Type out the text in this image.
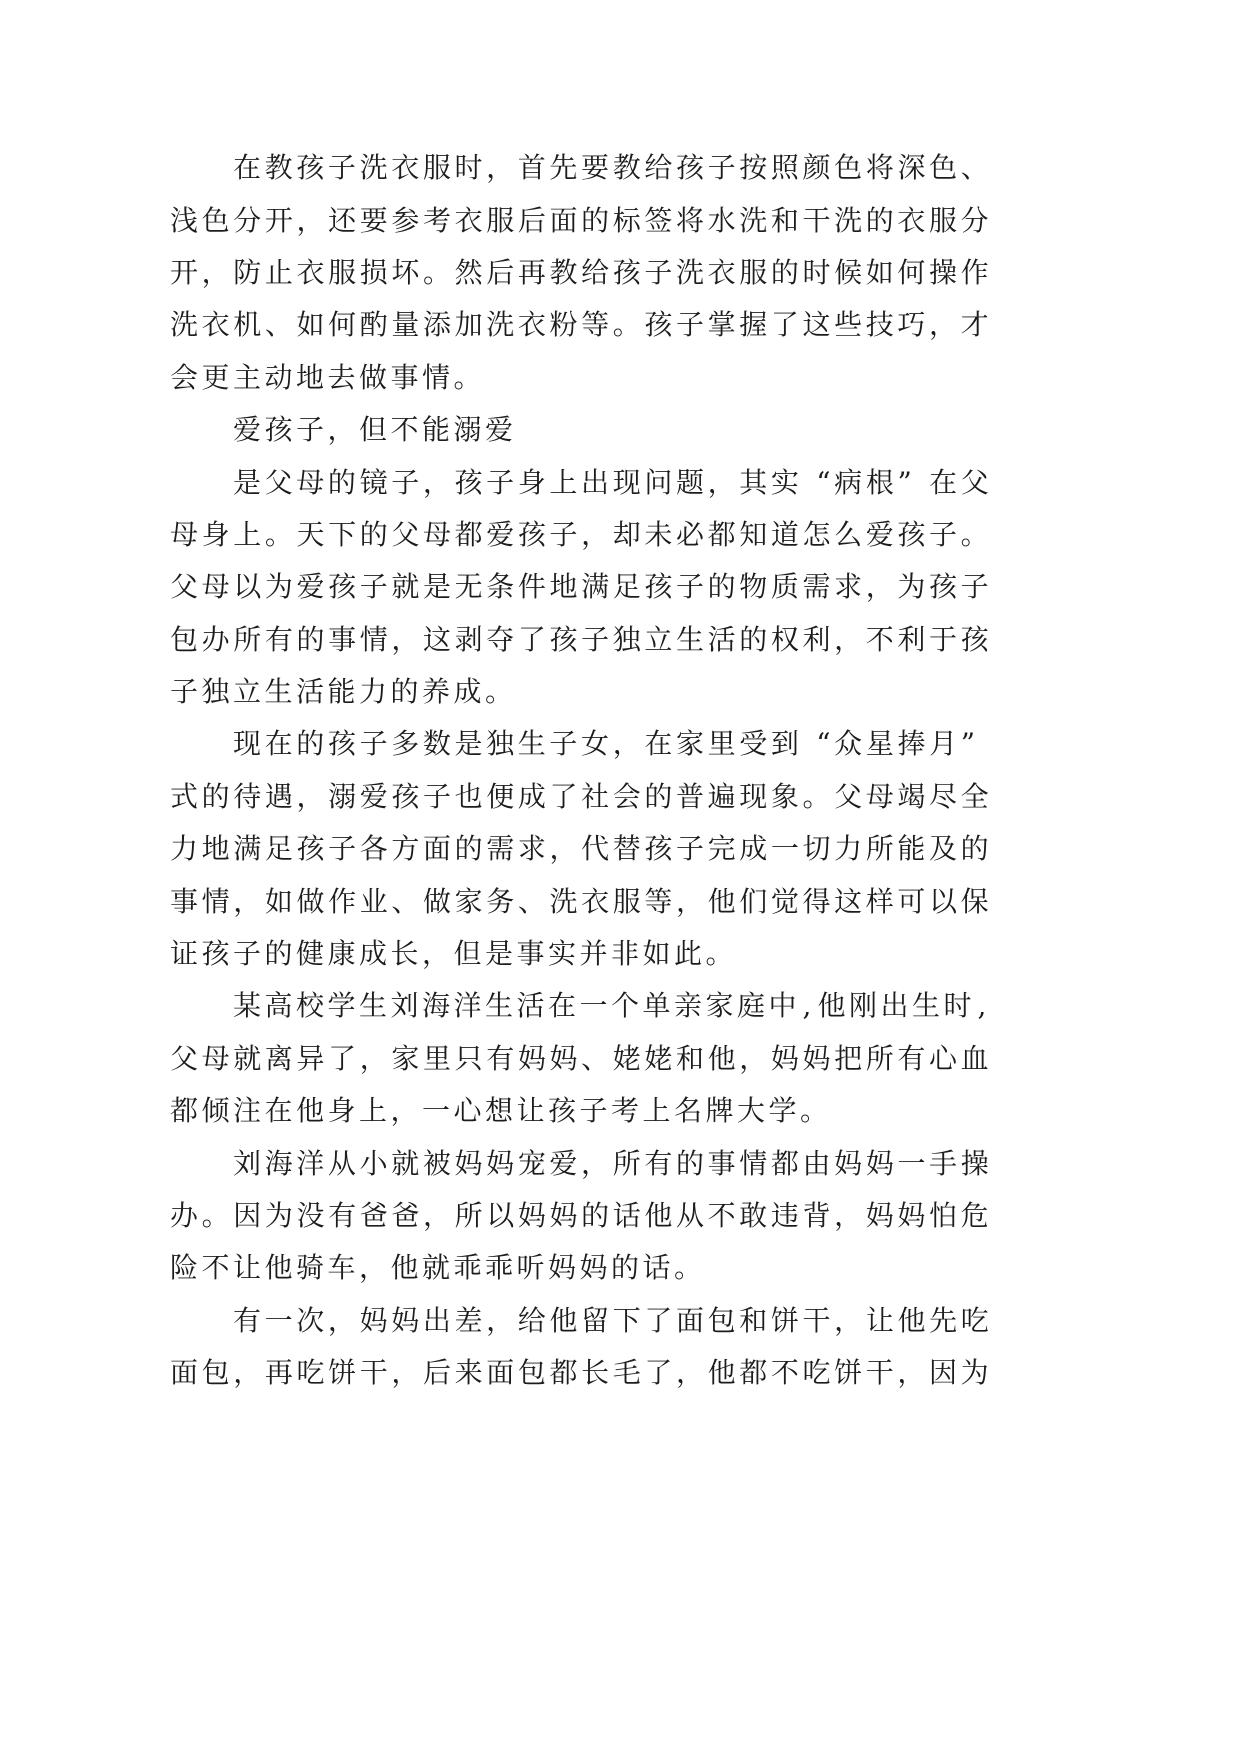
在 教 孩 子 洗 衣 服 时 ， 首 先 要 教 给 孩 子 按 照 颜 色 将 深 色 、
浅 色 分 开 ， 还 要 参 考 衣 服 后 面 的 标 签 将 水 洗 和 干 洗 的 衣 服 分
开 ， 防 止 衣 服 损 坏 。 然 后 再 教 给 孩 子 洗 衣 服 的 时 候 如 何 操 作
洗 衣 机 、 如 何 酌 量 添 加 洗 衣 粉 等 。 孩 子 掌 握 了 这 些 技 巧 ， 才
会 更 主 动 地 去 做 事 情 。
爱 孩 子 ， 但 不 能 溺 爱
是 父 母 的 镜 子 ， 孩 子 身 上 出 现 问 题 ， 其 实 “ 病 根 ” 在 父
母 身 上 。 天 下 的 父 母 都 爱 孩 子 ， 却 未 必 都 知 道 怎 么 爱 孩 子 。
父 母 以 为 爱 孩 子 就 是 无 条 件 地 满 足 孩 子 的 物 质 需 求 ， 为 孩 子
包 办 所 有 的 事 情 ， 这 剥 夺 了 孩 子 独 立 生 活 的 权 利 ， 不 利 于 孩
子 独 立 生 活 能 力 的 养 成 。
现 在 的 孩 子 多 数 是 独 生 子 女 ， 在 家 里 受 到 “ 众 星 捧 月 ”
式 的 待 遇 ， 溺 爱 孩 子 也 便 成 了 社 会 的 普 遍 现 象 。 父 母 竭 尽 全
力 地 满 足 孩 子 各 方 面 的 需 求 ， 代 替 孩 子 完 成 一 切 力 所 能 及 的
事 情 ， 如 做 作 业 、 做 家 务 、 洗 衣 服 等 ， 他 们 觉 得 这 样 可 以 保
证 孩 子 的 健 康 成 长 ， 但 是 事 实 并 非 如 此 。
某 高 校 学 生 刘 海 洋 生 活 在 一 个 单 亲 家 庭 中 , 他 刚 出 生 时 ,
父 母 就 离 异 了 ， 家 里 只 有 妈 妈 、 姥 姥 和 他 ， 妈 妈 把 所 有 心 血
都 倾 注 在 他 身 上 ， 一 心 想 让 孩 子 考 上 名 牌 大 学 。
刘 海 洋 从 小 就 被 妈 妈 宠 爱 ， 所 有 的 事 情 都 由 妈 妈 一 手 操
办 。 因 为 没 有 爸 爸 ， 所 以 妈 妈 的 话 他 从 不 敢 违 背 ， 妈 妈 怕 危
险 不 让 他 骑 车 ， 他 就 乖 乖 听 妈 妈 的 话 。
有 一 次 ， 妈 妈 出 差 ， 给 他 留 下 了 面 包 和 饼 干 ， 让 他 先 吃
面 包 ， 再 吃 饼 干 ， 后 来 面 包 都 长 毛 了 ， 他 都 不 吃 饼 干 ， 因 为
